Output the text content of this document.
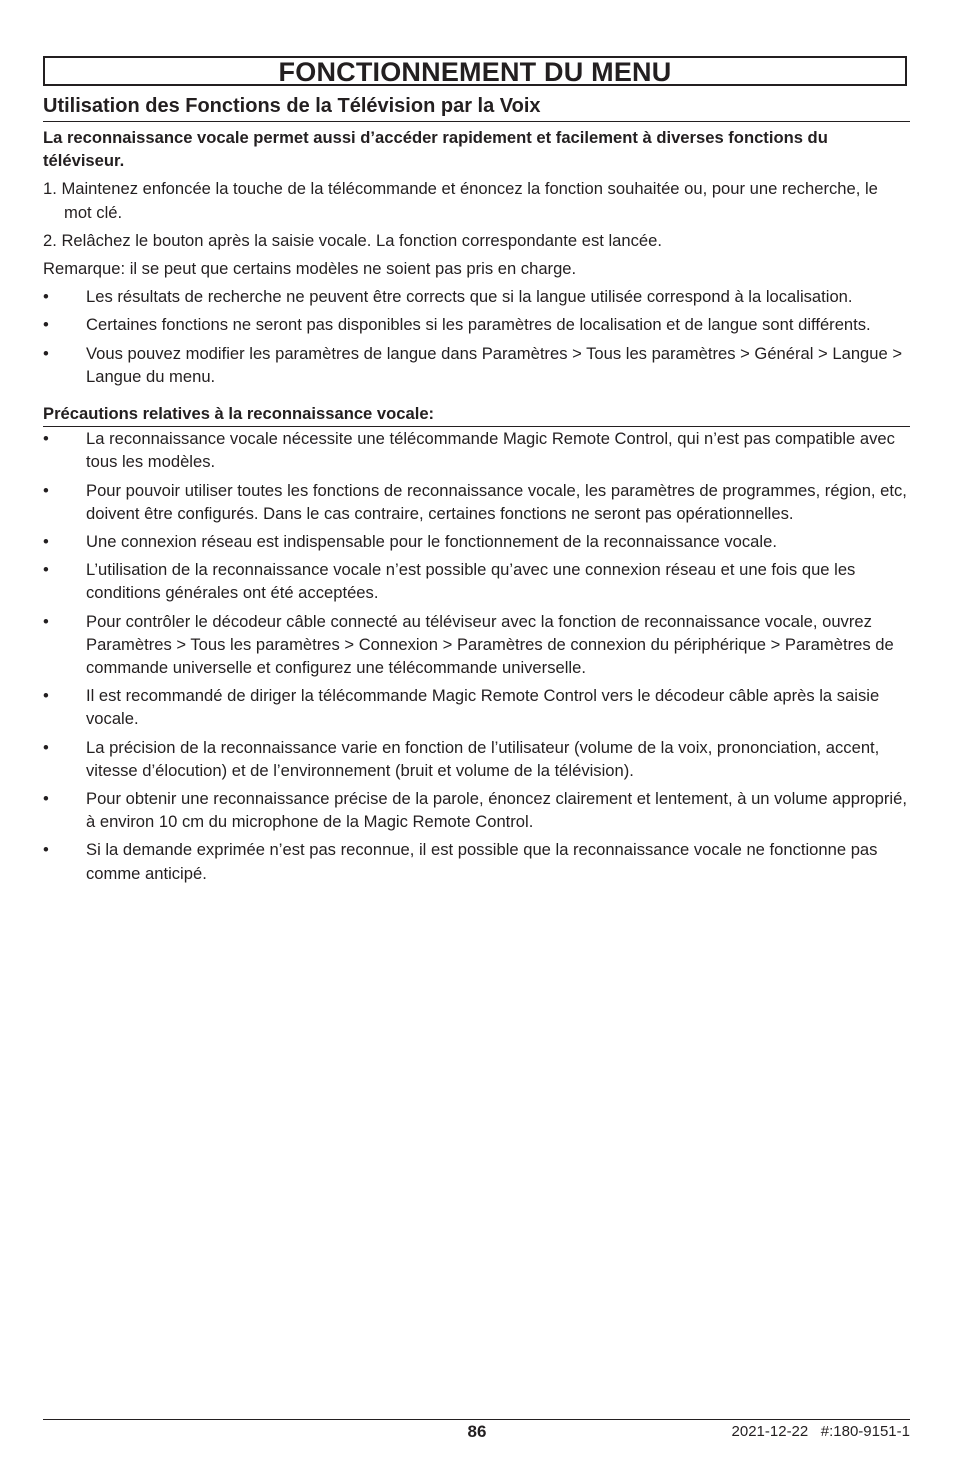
FONCTIONNEMENT DU MENU
Utilisation des Fonctions de la Télévision par la Voix

La reconnaissance vocale permet aussi d’accéder rapidement et facilement à diverses fonctions du téléviseur.

1. Maintenez enfoncée la touche de la télécommande et énoncez la fonction souhaitée ou, pour une recherche, le mot clé.

2. Relâchez le bouton après la saisie vocale. La fonction correspondante est lancée.

Remarque: il se peut que certains modèles ne soient pas pris en charge.

• Les résultats de recherche ne peuvent être corrects que si la langue utilisée correspond à la localisation.
• Certaines fonctions ne seront pas disponibles si les paramètres de localisation et de langue sont différents.
• Vous pouvez modifier les paramètres de langue dans Paramètres > Tous les paramètres > Général > Langue > Langue du menu.

Précautions relatives à la reconnaissance vocale:

• La reconnaissance vocale nécessite une télécommande Magic Remote Control, qui n’est pas compatible avec tous les modèles.
• Pour pouvoir utiliser toutes les fonctions de reconnaissance vocale, les paramètres de programmes, région, etc, doivent être configurés. Dans le cas contraire, certaines fonctions ne seront pas opérationnelles.
• Une connexion réseau est indispensable pour le fonctionnement de la reconnaissance vocale.
• L’utilisation de la reconnaissance vocale n’est possible qu’avec une connexion réseau et une fois que les conditions générales ont été acceptées.
• Pour contrôler le décodeur câble connecté au téléviseur avec la fonction de reconnaissance vocale, ouvrez Paramètres > Tous les paramètres > Connexion > Paramètres de connexion du périphérique > Paramètres de commande universelle et configurez une télécommande universelle.
• Il est recommandé de diriger la télécommande Magic Remote Control vers le décodeur câble après la saisie vocale.
• La précision de la reconnaissance varie en fonction de l’utilisateur (volume de la voix, prononciation, accent, vitesse d’élocution) et de l’environnement (bruit et volume de la télévision).
• Pour obtenir une reconnaissance précise de la parole, énoncez clairement et lentement, à un volume approprié, à environ 10 cm du microphone de la Magic Remote Control.
• Si la demande exprimée n’est pas reconnue, il est possible que la reconnaissance vocale ne fonctionne pas comme anticipé.
86	2021-12-22   #:180-9151-1
